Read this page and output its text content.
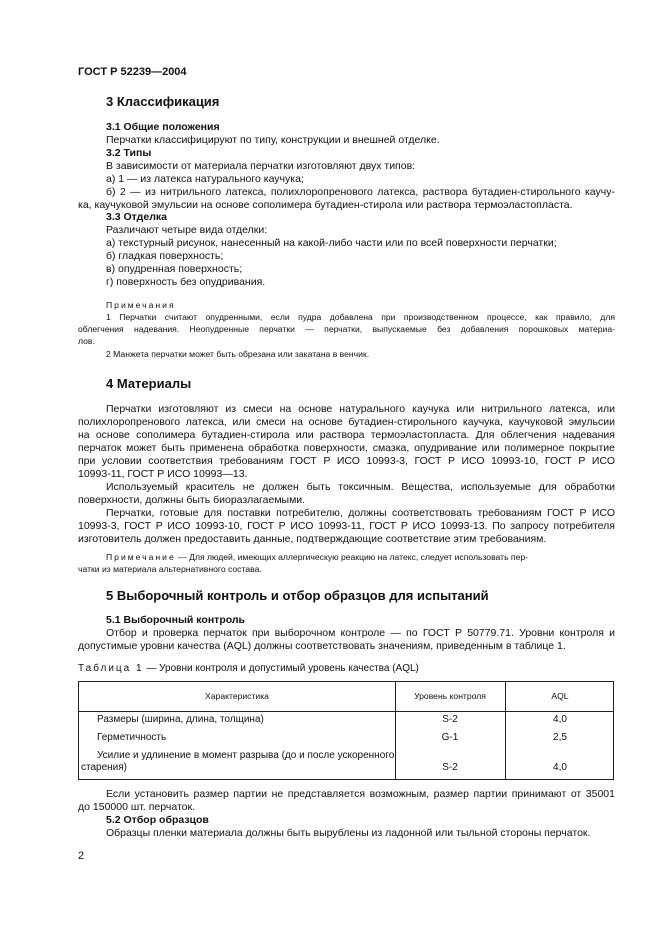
ГОСТ Р 52239—2004
3 Классификация
3.1 Общие положения
Перчатки классифицируют по типу, конструкции и внешней отделке.
3.2 Типы
В зависимости от материала перчатки изготовляют двух типов:
а) 1 — из латекса натурального каучука;
б) 2 — из нитрильного латекса, полихлоропренового латекса, раствора бутадиен-стирольного каучу-
ка, каучуковой эмульсии на основе сополимера бутадиен-стирола или раствора термоэластопласта.
3.3 Отделка
Различают четыре вида отделки:
а) текстурный рисунок, нанесенный на какой-либо части или по всей поверхности перчатки;
б) гладкая поверхность;
в) опудренная поверхность;
г) поверхность без опудривания.
Примечания
1 Перчатки считают опудренными, если пудра добавлена при производственном процессе, как правило, для
облегчения надевания. Неопудренные перчатки — перчатки, выпускаемые без добавления порошковых материа-
лов.
2 Манжета перчатки может быть обрезана или закатана в венчик.
4 Материалы
Перчатки изготовляют из смеси на основе натурального каучука или нитрильного латекса, или
полихлоропренового латекса, или смеси на основе бутадиен-стирольного каучука, каучуковой эмульсии
на основе сополимера бутадиен-стирола или раствора термоэластопласта. Для облегчения надевания
перчаток может быть применена обработка поверхности, смазка, опудривание или полимерное покрытие
при условии соответствия требованиям ГОСТ Р ИСО 10993-3, ГОСТ Р ИСО 10993-10, ГОСТ Р ИСО
10993-11, ГОСТ Р ИСО 10993—13.
Используемый краситель не должен быть токсичным. Вещества, используемые для обработки
поверхности, должны быть биоразлагаемыми.
Перчатки, готовые для поставки потребителю, должны соответствовать требованиям ГОСТ Р ИСО
10993-3, ГОСТ Р ИСО 10993-10, ГОСТ Р ИСО 10993-11, ГОСТ Р ИСО 10993-13. По запросу потребителя
изготовитель должен предоставить данные, подтверждающие соответствие этим требованиям.
Примечание — Для людей, имеющих аллергическую реакцию на латекс, следует использовать пер-
чатки из материала альтернативного состава.
5 Выборочный контроль и отбор образцов для испытаний
5.1 Выборочный контроль
Отбор и проверка перчаток при выборочном контроле — по ГОСТ Р 50779.71. Уровни контроля и
допустимые уровни качества (AQL) должны соответствовать значениям, приведенным в таблице 1.
Таблица 1 — Уровни контроля и допустимый уровень качества (AQL)
Характеристика	Уровень контроля	AQL
Размеры (ширина, длина, толщина)	S-2	4,0
Герметичность	G-1	2,5
Усилие и удлинение в момент разрыва (до и после ускоренного
старения)	S-2	4,0
Если установить размер партии не представляется возможным, размер партии принимают от 35001
до 150000 шт. перчаток.
5.2 Отбор образцов
Образцы пленки материала должны быть вырублены из ладонной или тыльной стороны перчаток.
2
